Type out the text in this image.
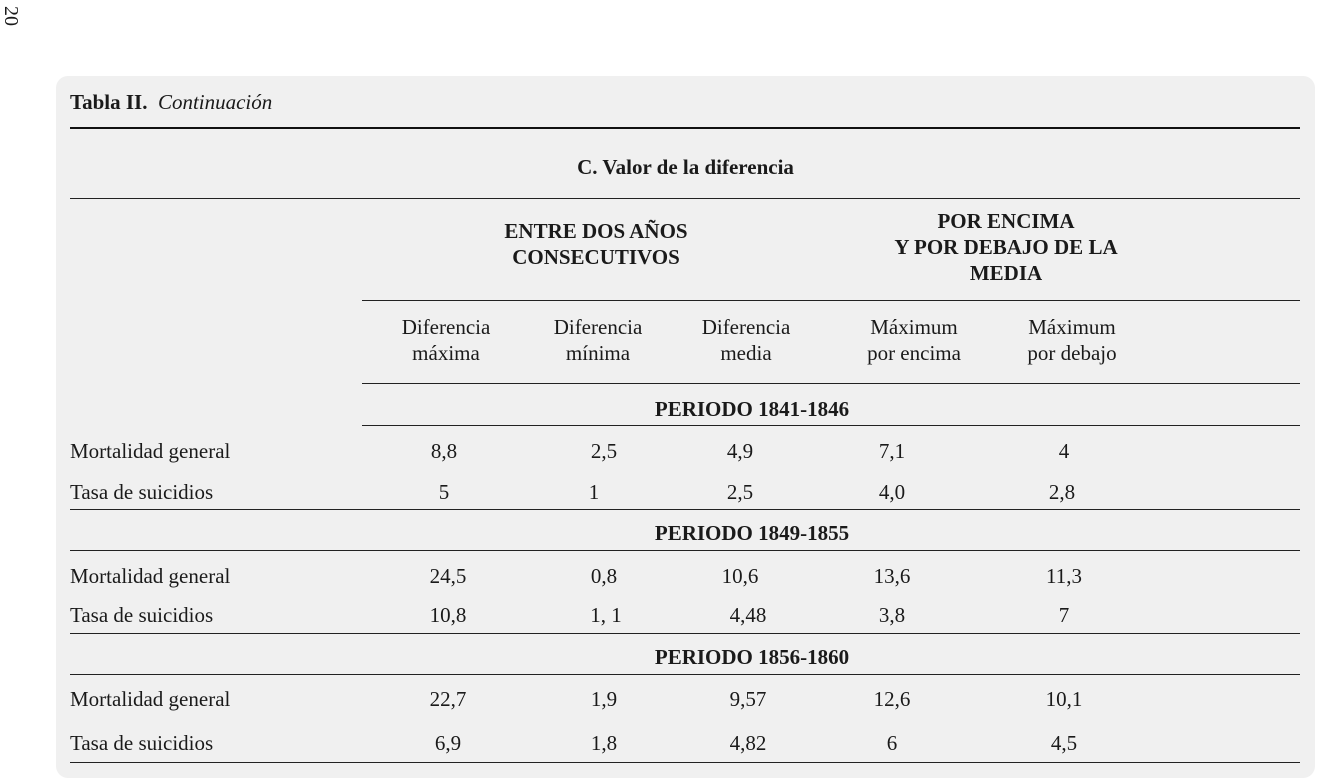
20
Tabla II. Continuación
C. Valor de la diferencia
ENTRE DOS AÑOS
CONSECUTIVOS
POR ENCIMA
Y POR DEBAJO DE LA
MEDIA
Diferencia
máxima
Diferencia
mínima
Diferencia
media
Máximum
por encima
Máximum
por debajo
PERIODO 1841-1846
Mortalidad general	8,8	2,5	4,9	7,1	4
Tasa de suicidios	5	1	2,5	4,0	2,8
PERIODO 1849-1855
Mortalidad general	24,5	0,8	10,6	13,6	11,3
Tasa de suicidios	10,8	1, 1	4,48	3,8	7
PERIODO 1856-1860
Mortalidad general	22,7	1,9	9,57	12,6	10,1
Tasa de suicidios	6,9	1,8	4,82	6	4,5
